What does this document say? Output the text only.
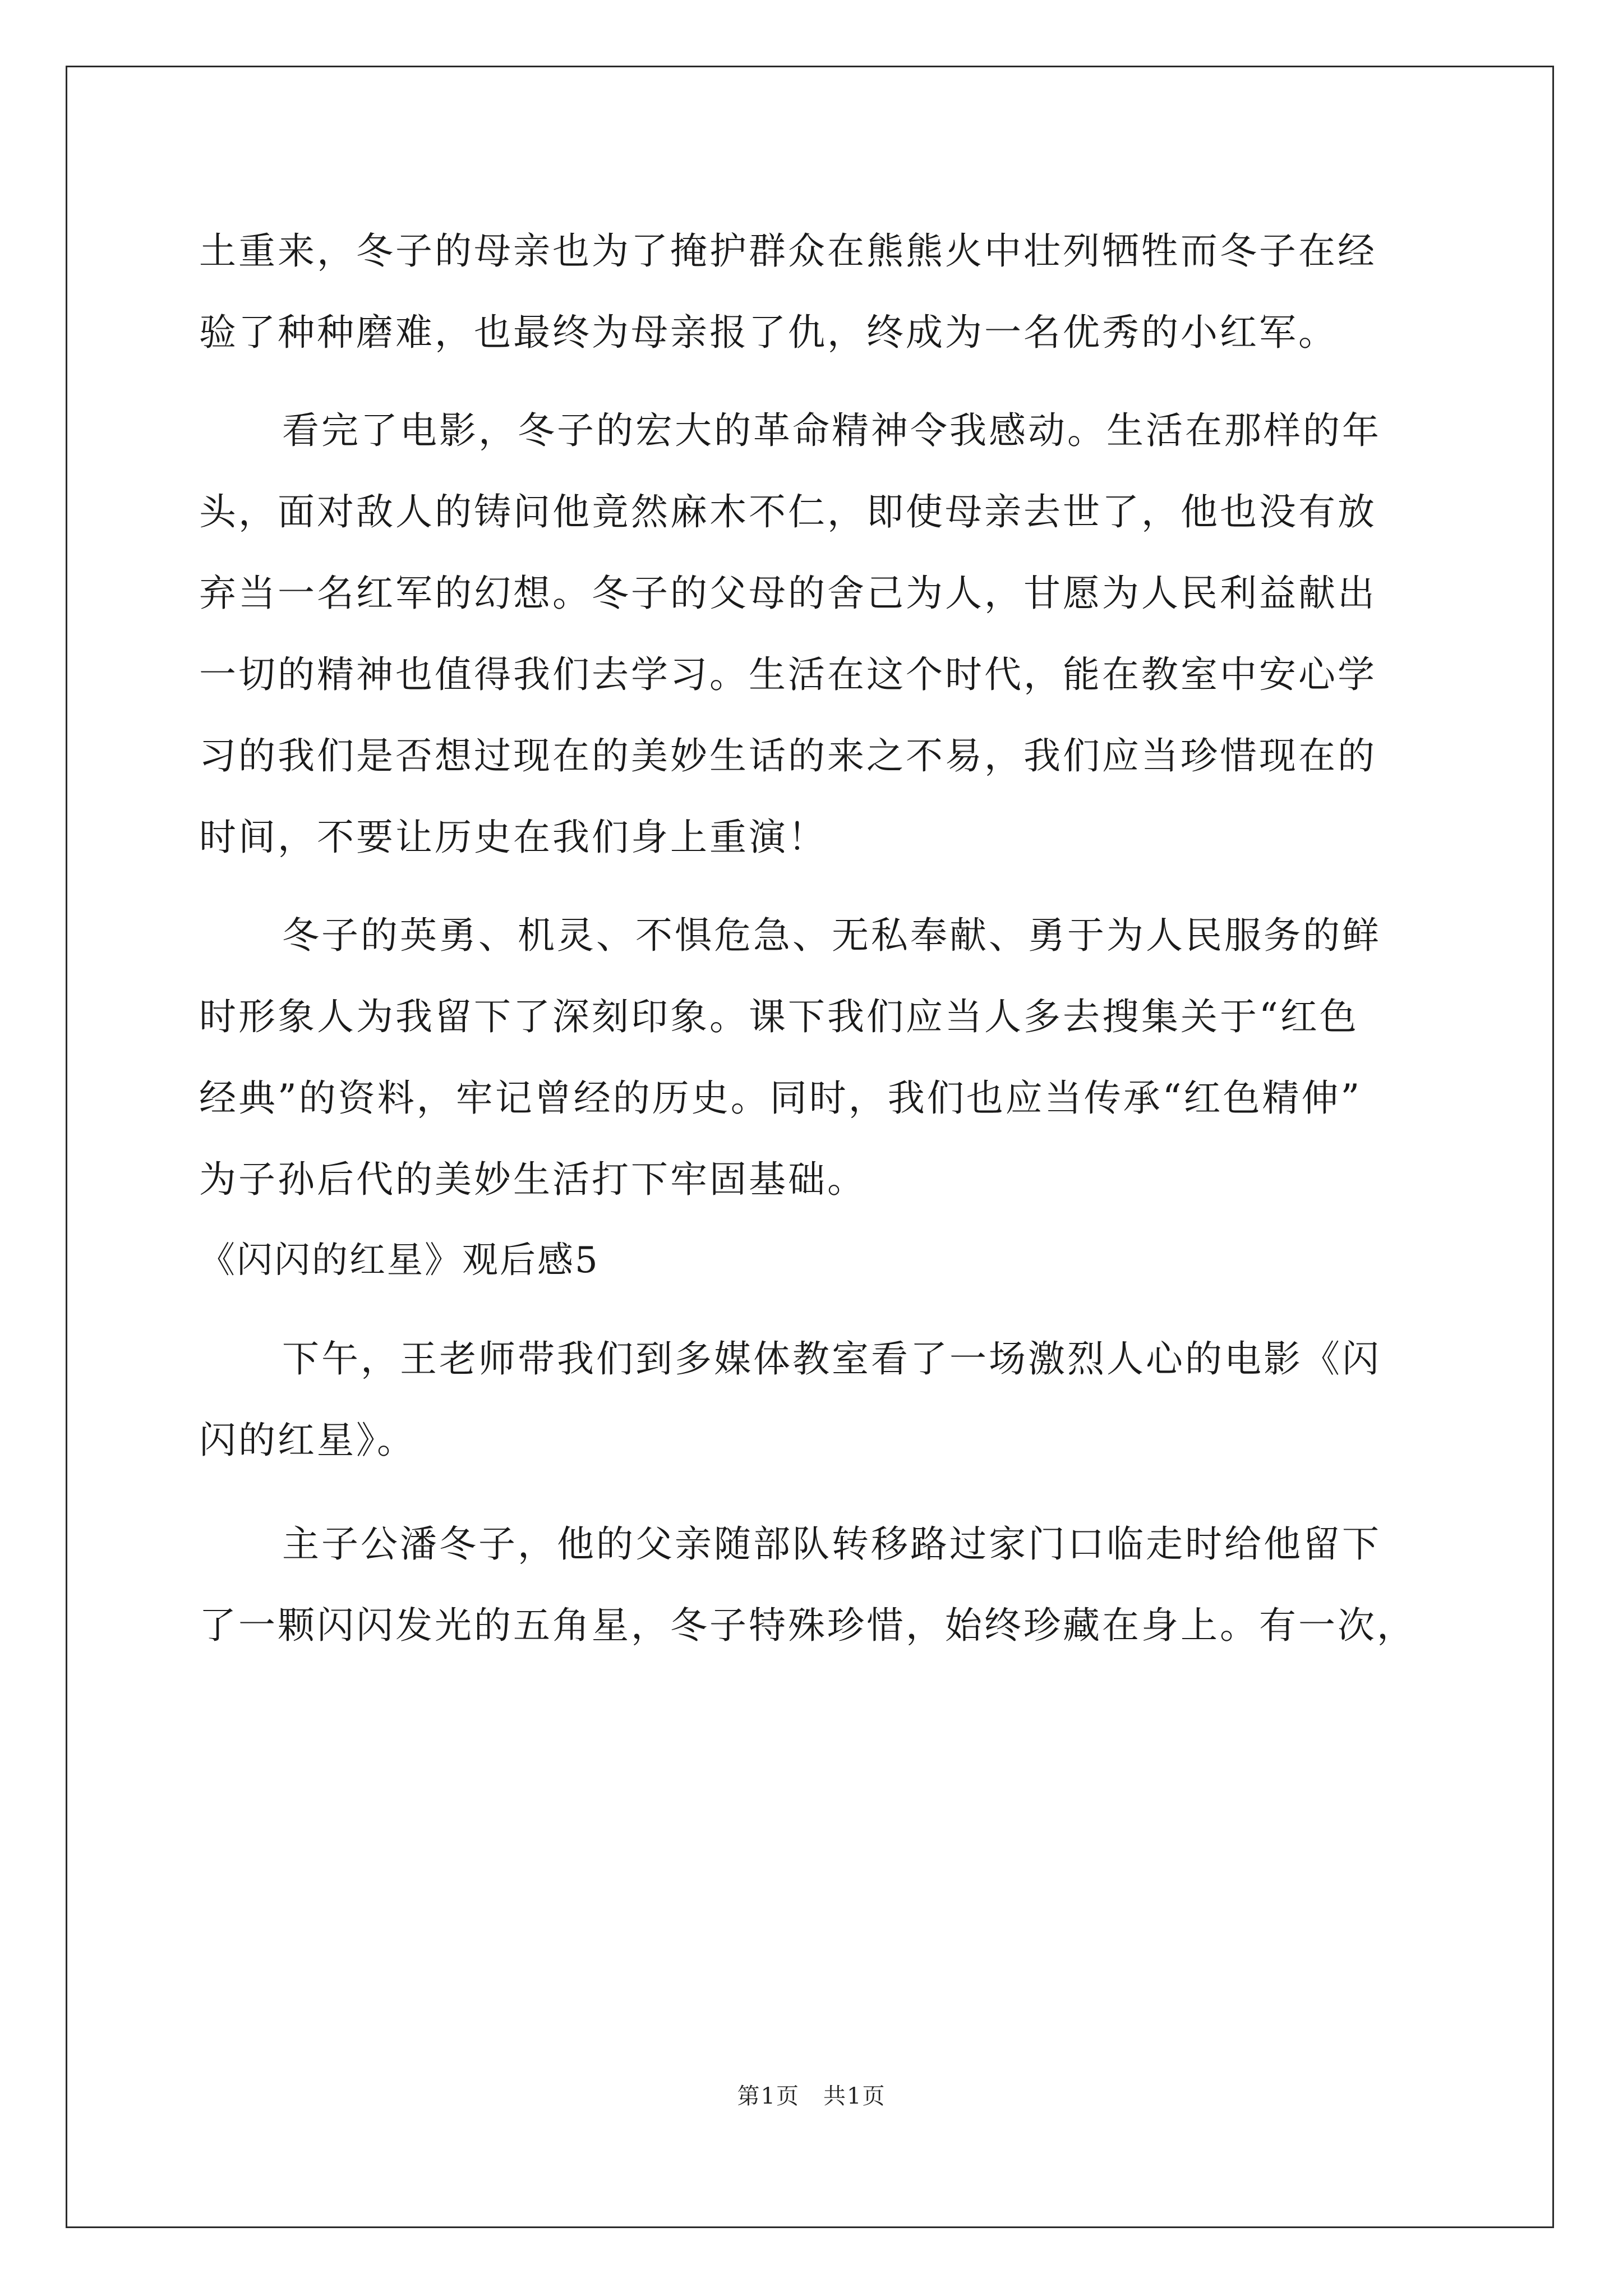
土重来，冬子的母亲也为了掩护群众在熊熊火中壮列牺牲而冬子在经
验了种种磨难，也最终为母亲报了仇，终成为一名优秀的小红军。
看完了电影，冬子的宏大的革命精神令我感动。生活在那样的年
头，面对敌人的铸问他竟然麻木不仁，即使母亲去世了，他也没有放
弃当一名红军的幻想。冬子的父母的舍己为人，甘愿为人民利益献出
一切的精神也值得我们去学习。生活在这个时代，能在教室中安心学
习的我们是否想过现在的美妙生话的来之不易，我们应当珍惜现在的
时间，不要让历史在我们身上重演！
冬子的英勇、机灵、不惧危急、无私奉献、勇于为人民服务的鲜
时形象人为我留下了深刻印象。课下我们应当人多去搜集关于“红色
经典”的资料，牢记曾经的历史。同时，我们也应当传承“红色精伸”
为子孙后代的美妙生活打下牢固基础。
《闪闪的红星》观后感5
下午，王老师带我们到多媒体教室看了一场激烈人心的电影《闪
闪的红星》。
主子公潘冬子，他的父亲随部队转移路过家门口临走时给他留下
了一颗闪闪发光的五角星，冬子特殊珍惜，始终珍藏在身上。有一次，
第1页　共1页
